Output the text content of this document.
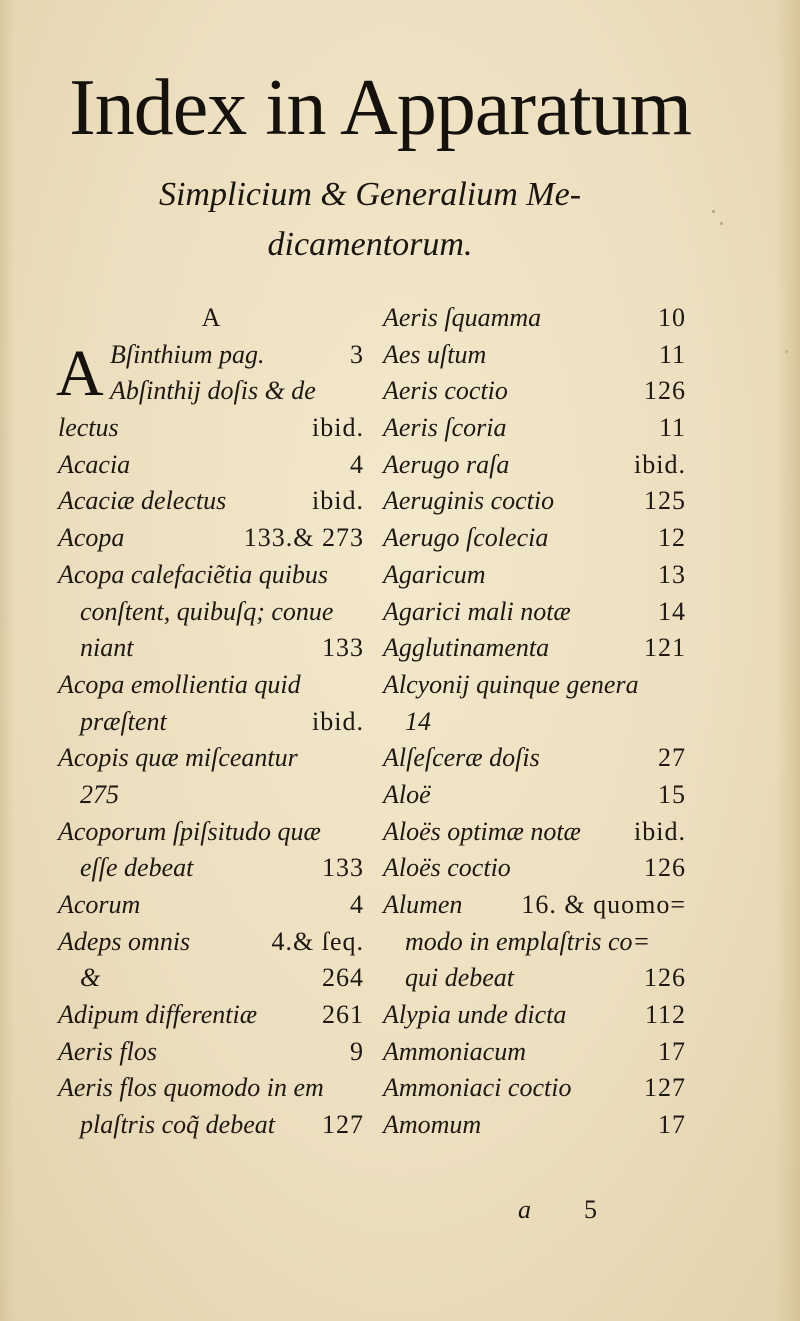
Index in Apparatum
Simplicium & Generalium Me-
dicamentorum.
A
A Bſinthium pag.	3
Abſinthij doſis & de
lectus	ibid.
Acacia	4
Acaciæ delectus	ibid.
Acopa	133.& 273
Acopa calefaciẽtia quibus
conſtent, quibuſq; conue
niant	133
Acopa emollientia quid
præſtent	ibid.
Acopis quæ miſceantur
275
Acoporum ſpiſsitudo quæ
eſſe debeat	133
Acorum	4
Adeps omnis	4.& ſeq.
&	264
Adipum differentiæ 261
Aeris flos	9
Aeris flos quomodo in em
plaſtris coq̃ debeat 127
Aeris ſquamma	10
Aes uſtum	11
Aeris coctio	126
Aeris ſcoria	11
Aerugo raſa	ibid.
Aeruginis coctio	125
Aerugo ſcolecia	12
Agaricum	13
Agarici mali notæ	14
Agglutinamenta	121
Alcyonij quinque genera
14
Alſeſceræ doſis	27
Aloë	15
Aloës optimæ notæ ibid.
Aloës coctio	126
Alumen 16. & quomo=
modo in emplaſtris co=
qui debeat	126
Alypia unde dicta	112
Ammoniacum	17
Ammoniaci coctio	127
Amomum	17
a 5
